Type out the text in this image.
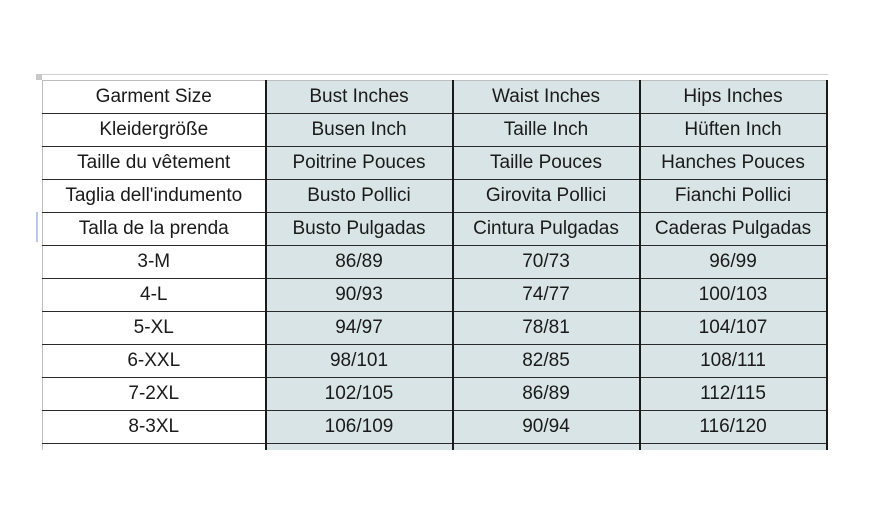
Garment Size	Bust Inches	Waist Inches	Hips Inches
Kleidergröße	Busen Inch	Taille Inch	Hüften Inch
Taille du vêtement	Poitrine Pouces	Taille Pouces	Hanches Pouces
Taglia dell'indumento	Busto Pollici	Girovita Pollici	Fianchi Pollici
Talla de la prenda	Busto Pulgadas	Cintura Pulgadas	Caderas Pulgadas
3-M	86/89	70/73	96/99
4-L	90/93	74/77	100/103
5-XL	94/97	78/81	104/107
6-XXL	98/101	82/85	108/111
7-2XL	102/105	86/89	112/115
8-3XL	106/109	90/94	116/120
